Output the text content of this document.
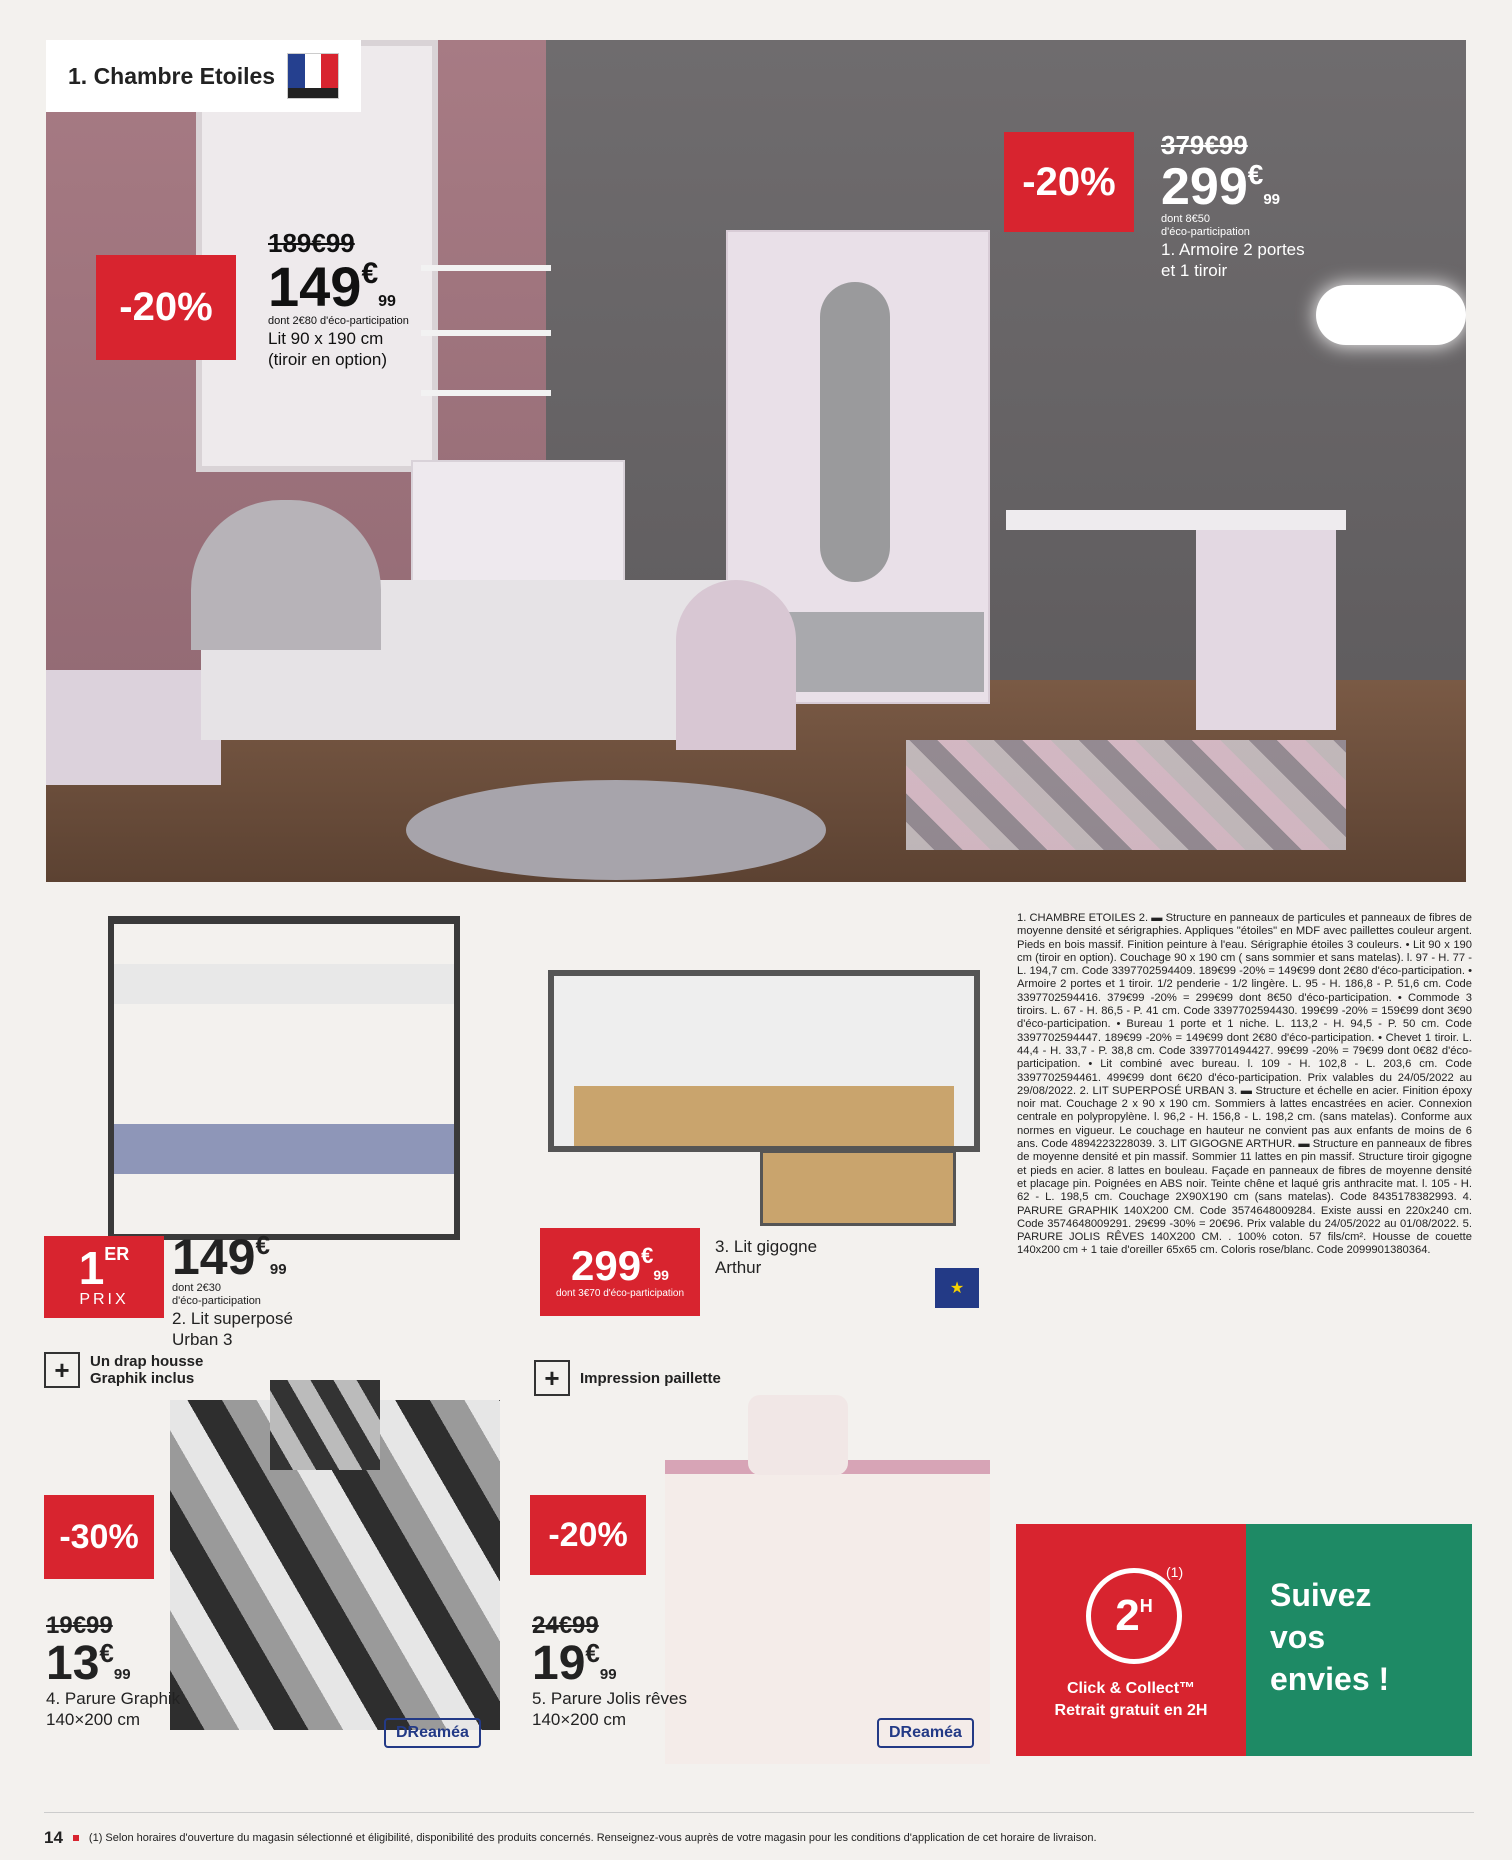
1. Chambre Etoiles
-20%
189€99
149€99
dont 2€80 d'éco-participation
Lit 90 x 190 cm
(tiroir en option)
-20%
379€99
299€99
dont 8€50
d'éco-participation
1. Armoire 2 portes
et 1 tiroir
1ER
PRIX
149€99
dont 2€30
d'éco-participation
2. Lit superposé
Urban 3
299€99
dont 3€70 d'éco-participation
3. Lit gigogne
Arthur
★
+	Un drap housse
Graphik inclus
-30%
19€99
13€99
4. Parure Graphik
140×200 cm
DReaméa
+	Impression paillette
-20%
24€99
19€99
5. Parure Jolis rêves
140×200 cm
DReaméa
1. CHAMBRE ETOILES 2. ▬ Structure en panneaux de particules et panneaux de fibres de moyenne densité et sérigraphies. Appliques "étoiles" en MDF avec paillettes couleur argent. Pieds en bois massif. Finition peinture à l'eau. Sérigraphie étoiles 3 couleurs. • Lit 90 x 190 cm (tiroir en option). Couchage 90 x 190 cm ( sans sommier et sans matelas). l. 97 - H. 77 - L. 194,7 cm. Code 3397702594409. 189€99 -20% = 149€99 dont 2€80 d'éco-participation. • Armoire 2 portes et 1 tiroir. 1/2 penderie - 1/2 lingère. L. 95 - H. 186,8 - P. 51,6 cm. Code 3397702594416. 379€99 -20% = 299€99 dont 8€50 d'éco-participation. • Commode 3 tiroirs. L. 67 - H. 86,5 - P. 41 cm. Code 3397702594430. 199€99 -20% = 159€99 dont 3€90 d'éco-participation. • Bureau 1 porte et 1 niche. L. 113,2 - H. 94,5 - P. 50 cm. Code 3397702594447. 189€99 -20% = 149€99 dont 2€80 d'éco-participation. • Chevet 1 tiroir. L. 44,4 - H. 33,7 - P. 38,8 cm. Code 3397701494427. 99€99 -20% = 79€99 dont 0€82 d'éco-participation. • Lit combiné avec bureau. l. 109 - H. 102,8 - L. 203,6 cm. Code 3397702594461. 499€99 dont 6€20 d'éco-participation. Prix valables du 24/05/2022 au 29/08/2022. 2. LIT SUPERPOSÉ URBAN 3. ▬ Structure et échelle en acier. Finition époxy noir mat. Couchage 2 x 90 x 190 cm. Sommiers à lattes encastrées en acier. Connexion centrale en polypropylène. l. 96,2 - H. 156,8 - L. 198,2 cm. (sans matelas). Conforme aux normes en vigueur. Le couchage en hauteur ne convient pas aux enfants de moins de 6 ans. Code 4894223228039. 3. LIT GIGOGNE ARTHUR. ▬ Structure en panneaux de fibres de moyenne densité et pin massif. Sommier 11 lattes en pin massif. Structure tiroir gigogne et pieds en acier. 8 lattes en bouleau. Façade en panneaux de fibres de moyenne densité et placage pin. Poignées en ABS noir. Teinte chêne et laqué gris anthracite mat. l. 105 - H. 62 - L. 198,5 cm. Couchage 2X90X190 cm (sans matelas). Code 8435178382993. 4. PARURE GRAPHIK 140X200 CM. Code 3574648009284. Existe aussi en 220x240 cm. Code 3574648009291. 29€99 -30% = 20€96. Prix valable du 24/05/2022 au 01/08/2022. 5. PARURE JOLIS RÊVES 140X200 CM. . 100% coton. 57 fils/cm². Housse de couette 140x200 cm + 1 taie d'oreiller 65x65 cm. Coloris rose/blanc. Code 2099901380364.
2 H
(1)
Click & Collect™
Retrait gratuit en 2H
Suivez
vos
envies !
14 (1) Selon horaires d'ouverture du magasin sélectionné et éligibilité, disponibilité des produits concernés. Renseignez-vous auprès de votre magasin pour les conditions d'application de cet horaire de livraison.
